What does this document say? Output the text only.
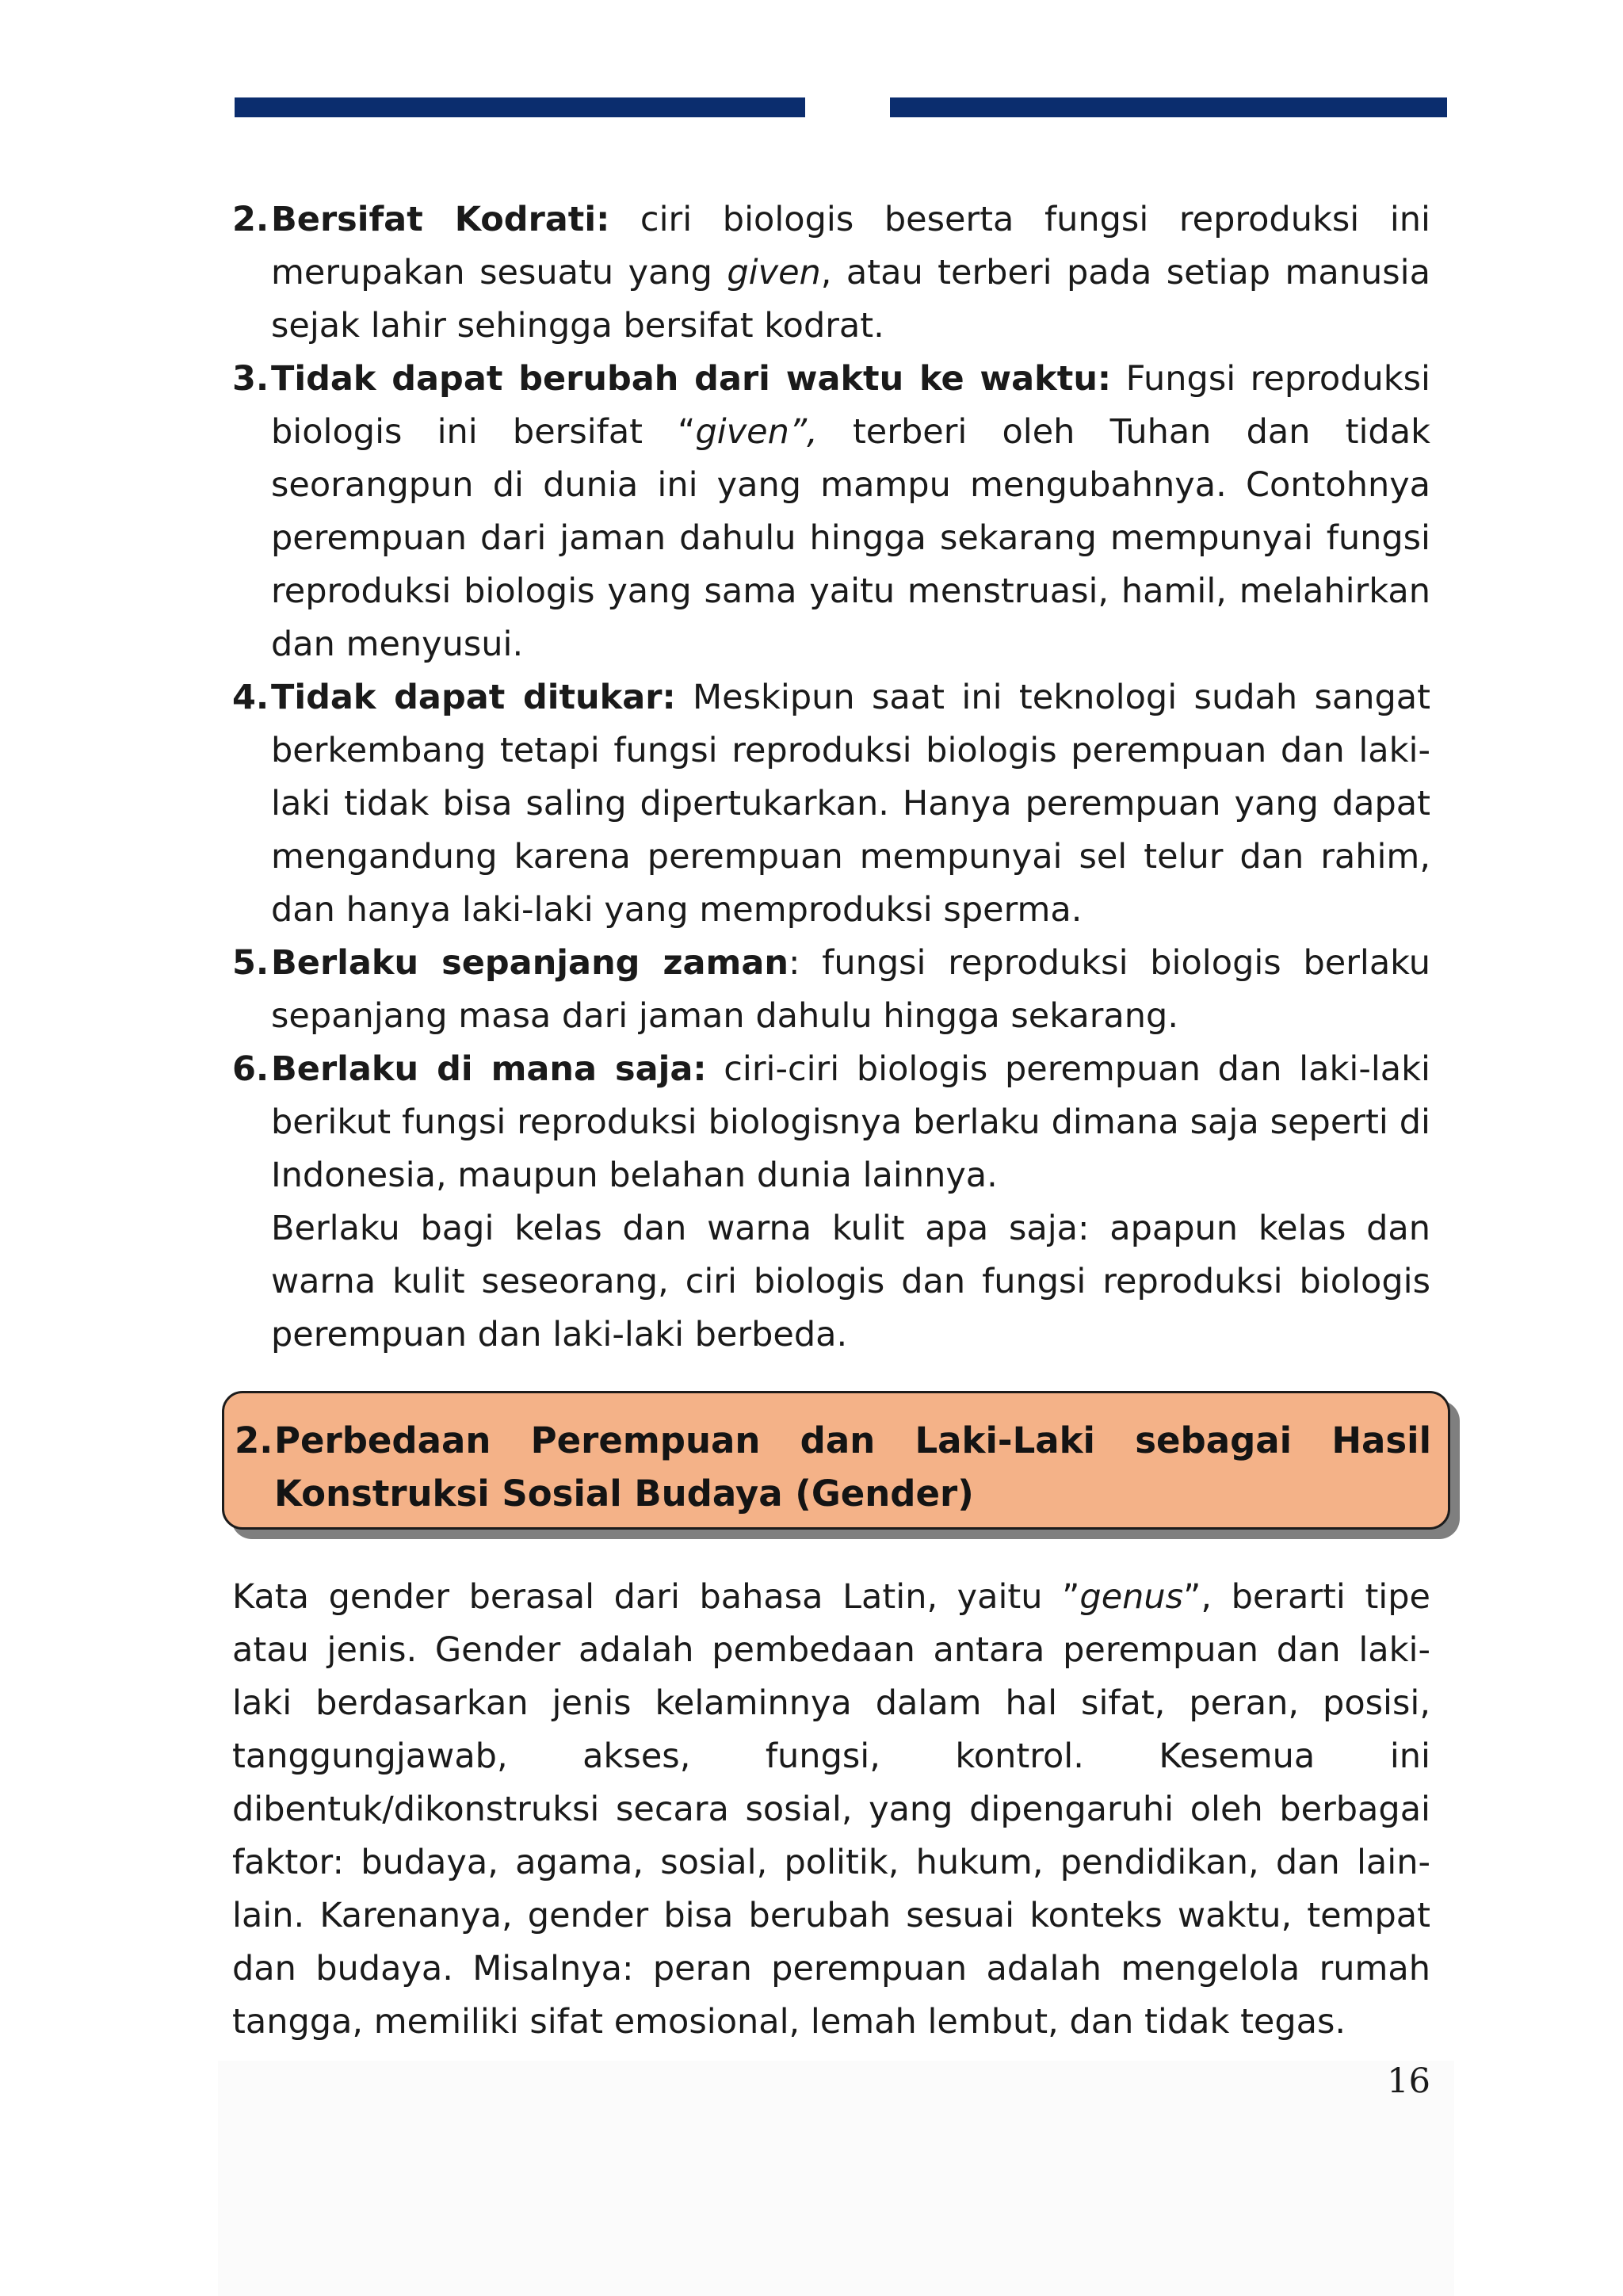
2. Bersifat Kodrati: ciri biologis beserta fungsi reproduksi ini merupakan sesuatu yang given, atau terberi pada setiap manusia sejak lahir sehingga bersifat kodrat.
3. Tidak dapat berubah dari waktu ke waktu: Fungsi reproduksi biologis ini bersifat “given”, terberi oleh Tuhan dan tidak seorangpun di dunia ini yang mampu mengubahnya. Contohnya perempuan dari jaman dahulu hingga sekarang mempunyai fungsi reproduksi biologis yang sama yaitu menstruasi, hamil, melahirkan dan menyusui.
4. Tidak dapat ditukar: Meskipun saat ini teknologi sudah sangat berkembang tetapi fungsi reproduksi biologis perempuan dan laki-laki tidak bisa saling dipertukarkan. Hanya perempuan yang dapat mengandung karena perempuan mempunyai sel telur dan rahim, dan hanya laki-laki yang memproduksi sperma.
5. Berlaku sepanjang zaman: fungsi reproduksi biologis berlaku sepanjang masa dari jaman dahulu hingga sekarang.
6. Berlaku di mana saja: ciri-ciri biologis perempuan dan laki-laki berikut fungsi reproduksi biologisnya berlaku dimana saja seperti di Indonesia, maupun belahan dunia lainnya.
Berlaku bagi kelas dan warna kulit apa saja: apapun kelas dan warna kulit seseorang, ciri biologis dan fungsi reproduksi biologis perempuan dan laki-laki berbeda.
2. Perbedaan Perempuan dan Laki-Laki sebagai Hasil Konstruksi Sosial Budaya (Gender)
Kata gender berasal dari bahasa Latin, yaitu ”genus”, berarti tipe atau jenis. Gender adalah pembedaan antara perempuan dan laki-laki berdasarkan jenis kelaminnya dalam hal sifat, peran, posisi, tanggungjawab, akses, fungsi, kontrol. Kesemua ini dibentuk/dikonstruksi secara sosial, yang dipengaruhi oleh berbagai faktor: budaya, agama, sosial, politik, hukum, pendidikan, dan lain-lain. Karenanya, gender bisa berubah sesuai konteks waktu, tempat dan budaya. Misalnya: peran perempuan adalah mengelola rumah tangga, memiliki sifat emosional, lemah lembut, dan tidak tegas.
16
